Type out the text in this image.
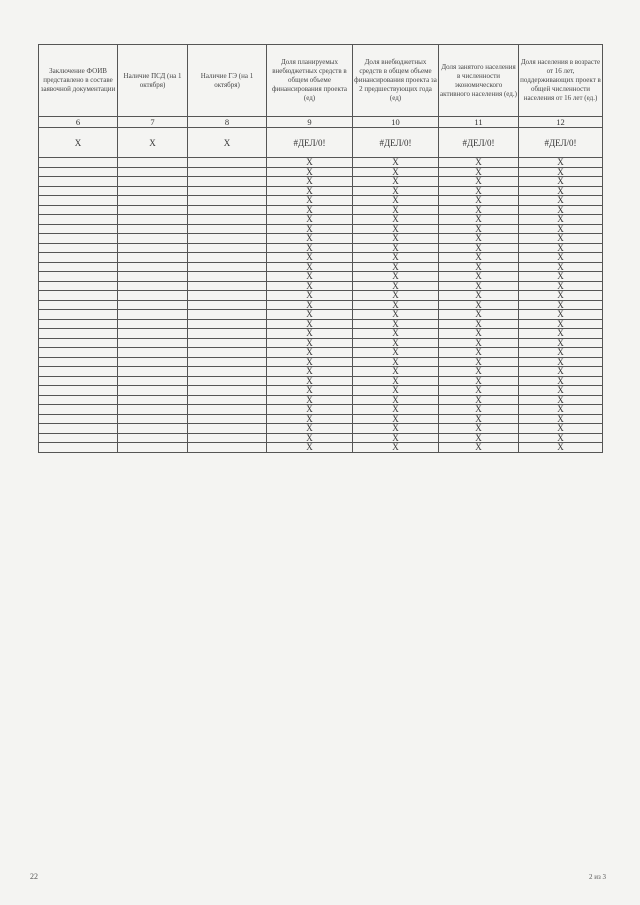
Заключение ФОИВ представлено в составе заявочной документации	Наличие ПСД (на 1 октября)	Наличие ГЭ (на 1 октября)	Доля планируемых внебюджетных средств в общем объеме финансирования проекта (ед)	Доля внебюджетных средств в общем объеме финансирования проекта за 2 предшествующих года (ед)	Доля занятого населения в численности экономического активного населения (ед.)	Доля населения в возрасте от 16 лет, поддерживающих проект в общей численности населения от 16 лет (ед.)
6	7	8	9	10	11	12
X	X	X	#ДЕЛ/0!	#ДЕЛ/0!	#ДЕЛ/0!	#ДЕЛ/0!
			X	X	X	X
			X	X	X	X
			X	X	X	X
			X	X	X	X
			X	X	X	X
			X	X	X	X
			X	X	X	X
			X	X	X	X
			X	X	X	X
			X	X	X	X
			X	X	X	X
			X	X	X	X
			X	X	X	X
			X	X	X	X
			X	X	X	X
			X	X	X	X
			X	X	X	X
			X	X	X	X
			X	X	X	X
			X	X	X	X
			X	X	X	X
			X	X	X	X
			X	X	X	X
			X	X	X	X
			X	X	X	X
			X	X	X	X
			X	X	X	X
			X	X	X	X
			X	X	X	X
			X	X	X	X
			X	X	X	X
22	2 из 3
